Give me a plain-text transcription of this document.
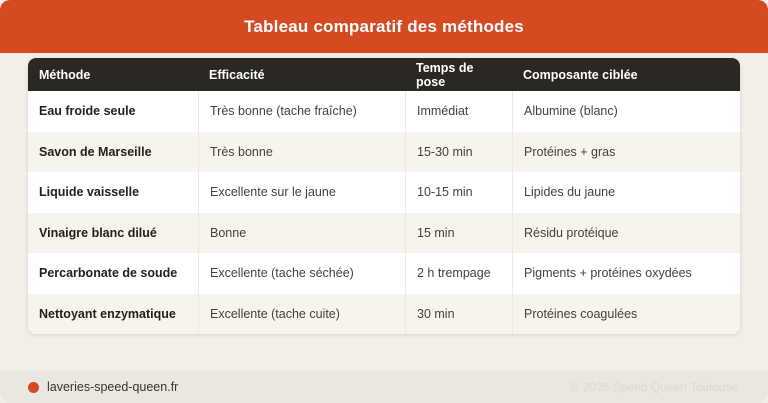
Tableau comparatif des méthodes
Méthode	Efficacité	Temps de pose	Composante ciblée
Eau froide seule	Très bonne (tache fraîche)	Immédiat	Albumine (blanc)
Savon de Marseille	Très bonne	15-30 min	Protéines + gras
Liquide vaisselle	Excellente sur le jaune	10-15 min	Lipides du jaune
Vinaigre blanc dilué	Bonne	15 min	Résidu protéique
Percarbonate de soude	Excellente (tache séchée)	2 h trempage	Pigments + protéines oxydées
Nettoyant enzymatique	Excellente (tache cuite)	30 min	Protéines coagulées
laveries-speed-queen.fr	© 2026 Speed Queen Toulouse
